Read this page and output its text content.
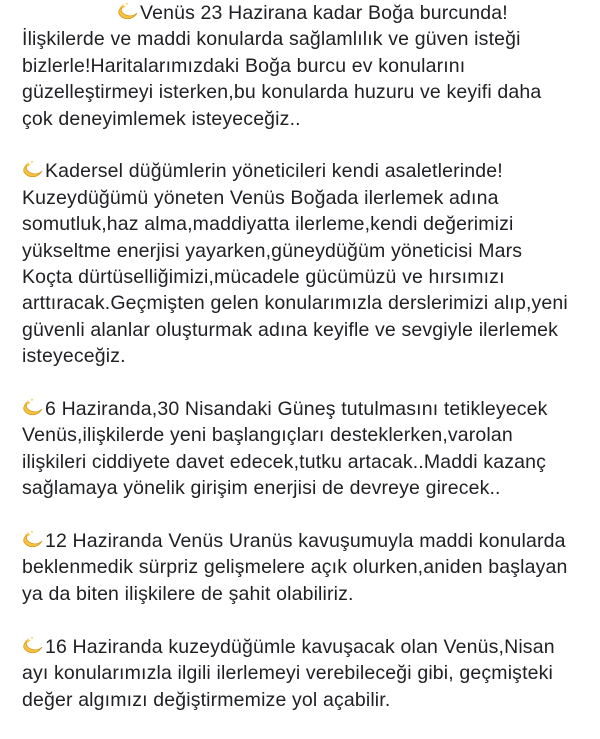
Venüs 23 Hazirana kadar Boğa burcunda!
İlişkilerde ve maddi konularda sağlamlılık ve güven isteği
bizlerle!Haritalarımızdaki Boğa burcu ev konularını
güzelleştirmeyi isterken,bu konularda huzuru ve keyifi daha
çok deneyimlemek isteyeceğiz..

Kadersel düğümlerin yöneticileri kendi asaletlerinde!
Kuzeydüğümü yöneten Venüs Boğada ilerlemek adına
somutluk,haz alma,maddiyatta ilerleme,kendi değerimizi
yükseltme enerjisi yayarken,güneydüğüm yöneticisi Mars
Koçta dürtüselliğimizi,mücadele gücümüzü ve hırsımızı
arttıracak.Geçmişten gelen konularımızla derslerimizi alıp,yeni
güvenli alanlar oluşturmak adına keyifle ve sevgiyle ilerlemek
isteyeceğiz.

6 Haziranda,30 Nisandaki Güneş tutulmasını tetikleyecek
Venüs,ilişkilerde yeni başlangıçları desteklerken,varolan
ilişkileri ciddiyete davet edecek,tutku artacak..Maddi kazanç
sağlamaya yönelik girişim enerjisi de devreye girecek..

12 Haziranda Venüs Uranüs kavuşumuyla maddi konularda
beklenmedik sürpriz gelişmelere açık olurken,aniden başlayan
ya da biten ilişkilere de şahit olabiliriz.

16 Haziranda kuzeydüğümle kavuşacak olan Venüs,Nisan
ayı konularımızla ilgili ilerlemeyi verebileceği gibi, geçmişteki
değer algımızı değiştirmemize yol açabilir.
